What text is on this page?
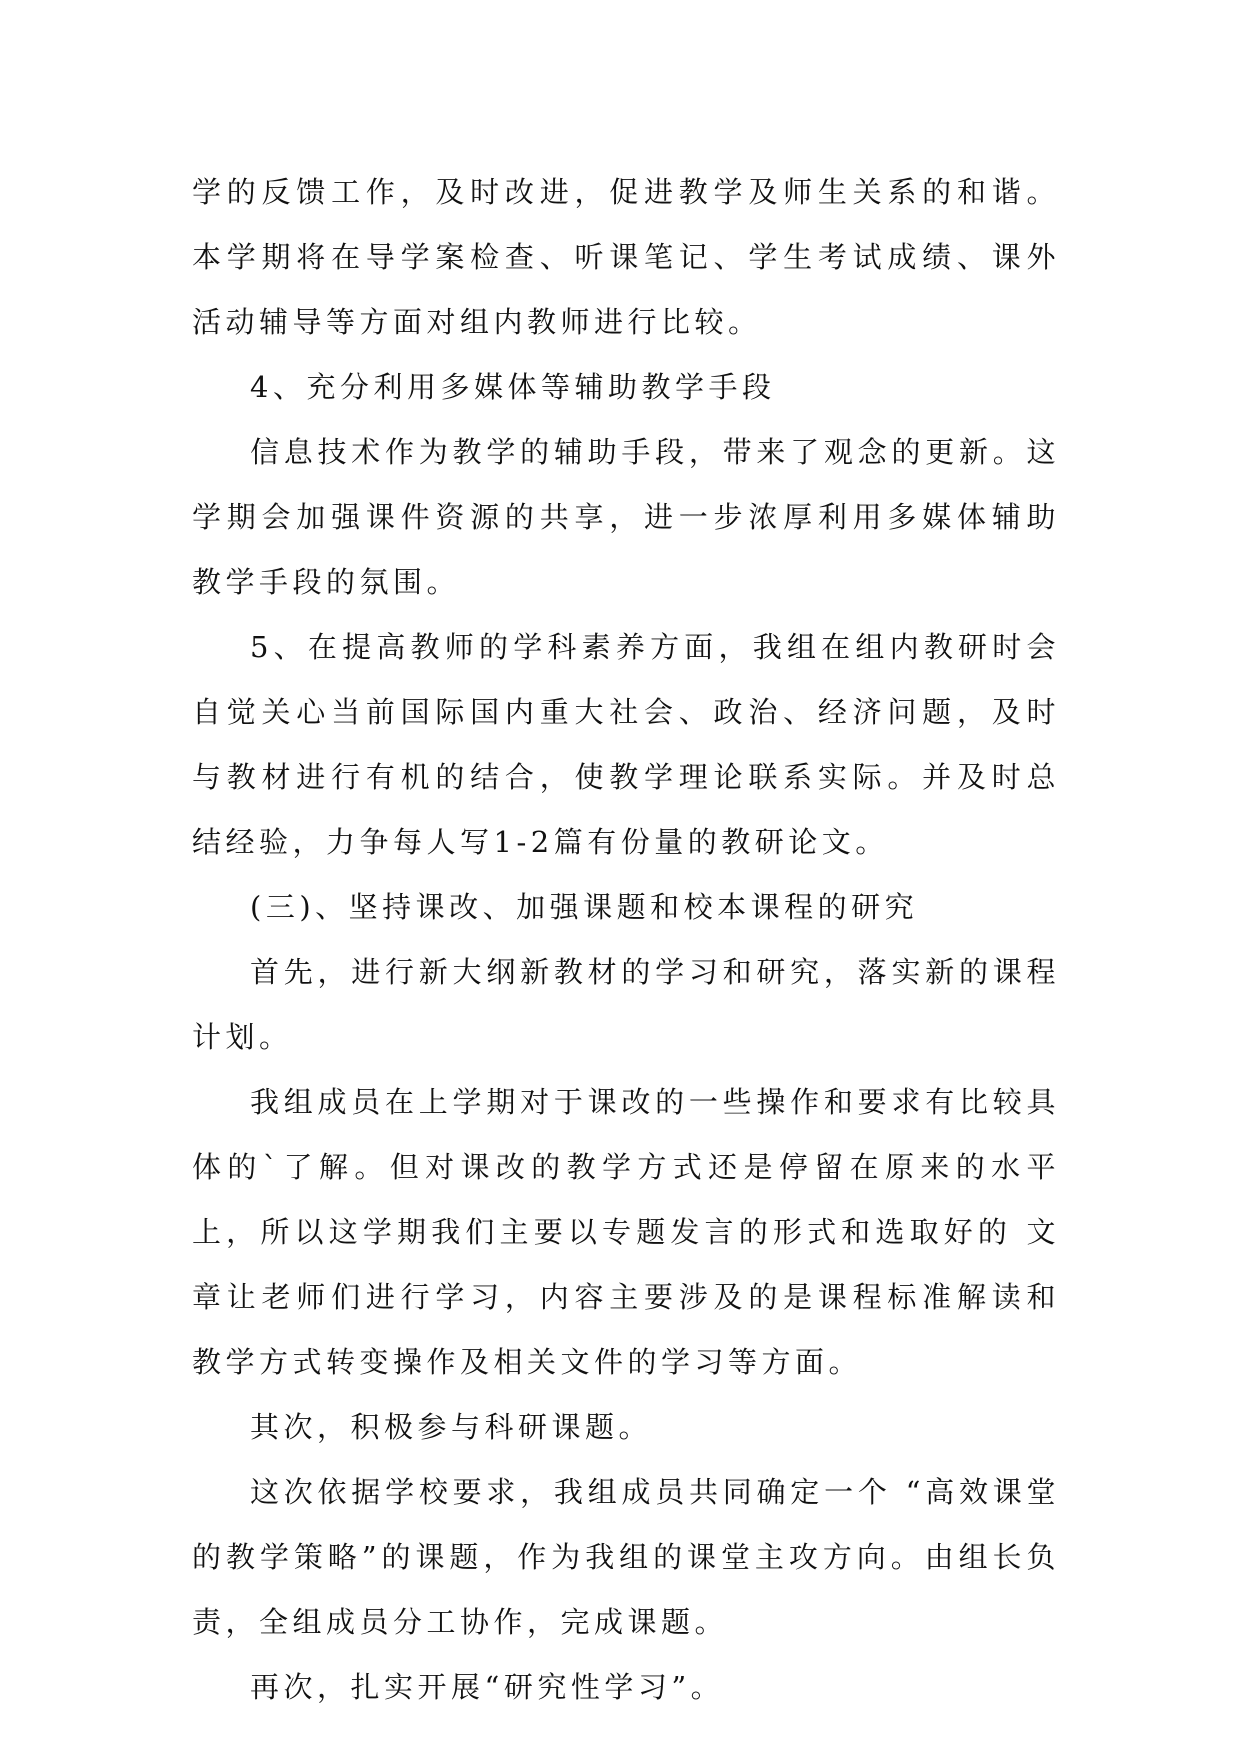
学的反馈工作，及时改进，促进教学及师生关系的和谐。本学期将在导学案检查、听课笔记、学生考试成绩、课外活动辅导等方面对组内教师进行比较。

4、充分利用多媒体等辅助教学手段

信息技术作为教学的辅助手段，带来了观念的更新。这学期会加强课件资源的共享，进一步浓厚利用多媒体辅助教学手段的氛围。

5、在提高教师的学科素养方面，我组在组内教研时会自觉关心当前国际国内重大社会、政治、经济问题，及时与教材进行有机的结合，使教学理论联系实际。并及时总结经验，力争每人写1-2篇有份量的教研论文。

(三)、坚持课改、加强课题和校本课程的研究

首先，进行新大纲新教材的学习和研究，落实新的课程计划。

我组成员在上学期对于课改的一些操作和要求有比较具体的`了解。但对课改的教学方式还是停留在原来的水平上，所以这学期我们主要以专题发言的形式和选取好的 文章让老师们进行学习，内容主要涉及的是课程标准解读和教学方式转变操作及相关文件的学习等方面。

其次，积极参与科研课题。

这次依据学校要求，我组成员共同确定一个 “高效课堂的教学策略”的课题，作为我组的课堂主攻方向。由组长负责，全组成员分工协作，完成课题。

再次，扎实开展“研究性学习”。
